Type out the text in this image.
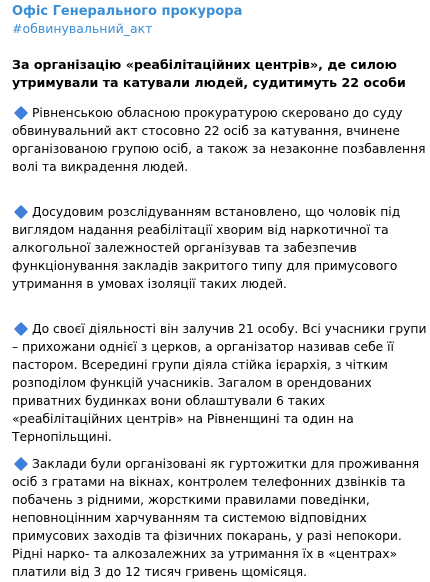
Офіс Генерального прокурора
#обвинувальний_акт
За організацію «реабілітаційних центрів», де силою
утримували та катували людей, судитимуть 22 особи
Рівненською обласною прокуратурою скеровано до суду
обвинувальний акт стосовно 22 осіб за катування, вчинене
організованою групою осіб, а також за незаконне позбавлення
волі та викрадення людей.
Досудовим розслідуванням встановлено, що чоловік під
виглядом надання реабілітації хворим від наркотичної та
алкогольної залежностей організував та забезпечив
функціонування закладів закритого типу для примусового
утримання в умовах ізоляції таких людей.
До своєї діяльності він залучив 21 особу. Всі учасники групи
– прихожани однієї з церков, а організатор називав себе її
пастором. Всередині групи діяла стійка ієрархія, з чітким
розподілом функцій учасників. Загалом в орендованих
приватних будинках вони облаштували 6 таких
«реабілітаційних центрів» на Рівненщині та один на
Тернопільщині.
Заклади були організовані як гуртожитки для проживання
осіб з гратами на вікнах, контролем телефонних дзвінків та
побачень з рідними, жорсткими правилами поведінки,
неповноцінним харчуванням та системою відповідних
примусових заходів та фізичних покарань, у разі непокори.
Рідні нарко- та алкозалежних за утримання їх в «центрах»
платили від 3 до 12 тисяч гривень щомісяця.
